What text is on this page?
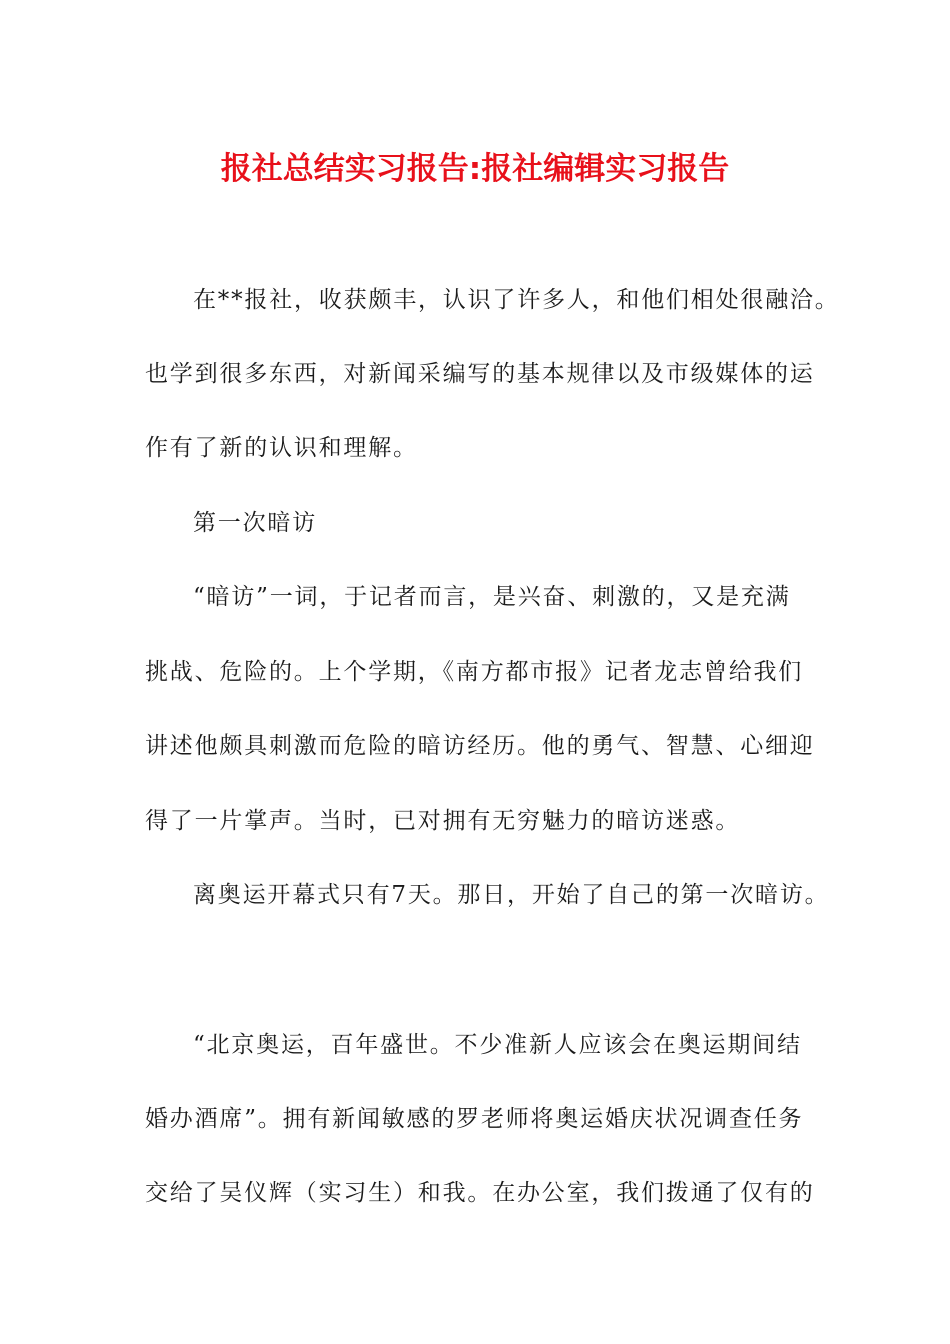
报社总结实习报告:报社编辑实习报告
在**报社，收获颇丰，认识了许多人，和他们相处很融洽。
也学到很多东西，对新闻采编写的基本规律以及市级媒体的运
作有了新的认识和理解。
第一次暗访
“暗访”一词，于记者而言，是兴奋、刺激的，又是充满
挑战、危险的。上个学期，《南方都市报》记者龙志曾给我们
讲述他颇具刺激而危险的暗访经历。他的勇气、智慧、心细迎
得了一片掌声。当时，已对拥有无穷魅力的暗访迷惑。
离奥运开幕式只有7天。那日，开始了自己的第一次暗访。
“北京奥运，百年盛世。不少准新人应该会在奥运期间结
婚办酒席”。拥有新闻敏感的罗老师将奥运婚庆状况调查任务
交给了吴仪辉（实习生）和我。在办公室，我们拨通了仅有的
